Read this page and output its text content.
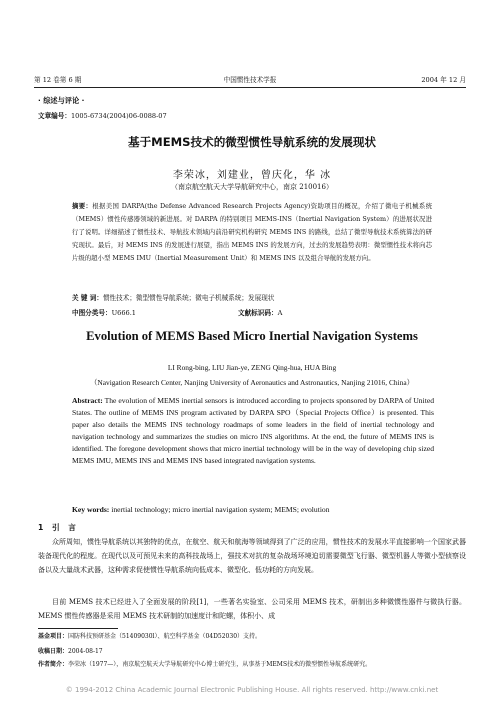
第 12 卷第 6 期	中国惯性技术学报	2004 年 12 月
· 综述与评论 ·
文章编号：1005-6734(2004)06-0088-07
基于MEMS技术的微型惯性导航系统的发展现状
李荣冰，刘建业，曾庆化，华 冰
（南京航空航天大学导航研究中心，南京 210016）
摘要：根据美国 DARPA(the Defense Advanced Research Projects Agency)资助项目的概况，介绍了微电子机械系统（MEMS）惯性传感器领域的新进展。对 DARPA 的特别项目 MEMS-INS（Inertial Navigation System）的进展状况进行了说明。详细描述了惯性技术、导航技术领域内前沿研究机构研究 MEMS INS 的路线，总结了微型导航技术系统算法的研究现状。最后，对 MEMS INS 的发展进行展望，指出 MEMS INS 的发展方向，过去的发展趋势表明：微型惯性技术将向芯片级的超小型 MEMS IMU（Inertial Measurement Unit）和 MEMS INS 以及组合导航的发展方向。
关 键 词：惯性技术；微型惯性导航系统；微电子机械系统；发展现状
中图分类号：U666.1	文献标识码：A
Evolution of MEMS Based Micro Inertial Navigation Systems
LI Rong-bing, LIU Jian-ye, ZENG Qing-hua, HUA Bing
（Navigation Research Center, Nanjing University of Aeronautics and Astronautics, Nanjing 21016, China）
Abstract: The evolution of MEMS inertial sensors is introduced according to projects sponsored by DARPA of United States. The outline of MEMS INS program activated by DARPA SPO（Special Projects Office）is presented. This paper also details the MEMS INS technology roadmaps of some leaders in the field of inertial technology and navigation technology and summarizes the studies on micro INS algorithms. At the end, the future of MEMS INS is identified. The foregone development shows that micro inertial technology will be in the way of developing chip sized MEMS IMU, MEMS INS and MEMS INS based integrated navigation systems.
Key words: inertial technology; micro inertial navigation system; MEMS; evolution
1 引 言
众所周知，惯性导航系统以其独特的优点，在航空、航天和航海等领域得到了广泛的应用，惯性技术的发展水平直接影响一个国家武器装备现代化的程度。在现代以及可预见未来的高科技战场上，强技术对抗的复杂战场环境迫切需要微型飞行器、微型机器人等微小型侦察设备以及大量战术武器，这种需求促使惯性导航系统向低成本、微型化、低功耗的方向发展。
目前 MEMS 技术已经进入了全面发展的阶段[1]，一些著名实验室、公司采用 MEMS 技术，研制出多种微惯性器件与微执行器。MEMS 惯性传感器是采用 MEMS 技术研制的加速度计和陀螺，体积小、成
基金项目：国防科技预研基金（51409030l）、航空科学基金（04D52030）支持。
收稿日期：2004-08-17
作者简介：李荣冰（1977—），南京航空航天大学导航研究中心博士研究生，从事基于MEMS技术的微型惯性导航系统研究。
© 1994-2012 China Academic Journal Electronic Publishing House. All rights reserved. http://www.cnki.net
